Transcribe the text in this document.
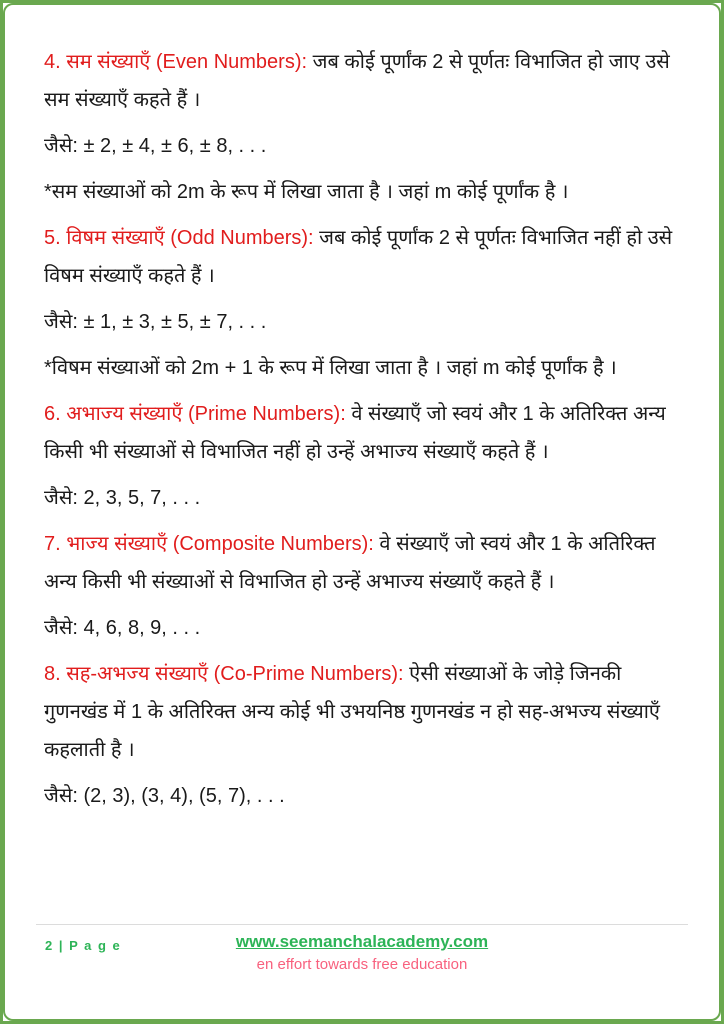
4. सम संख्याएँ (Even Numbers): जब कोई पूर्णांक 2 से पूर्णतः विभाजित हो जाए उसे सम संख्याएँ कहते हैं ।

जैसे: ± 2, ± 4, ± 6, ± 8, . . .

*सम संख्याओं को 2m के रूप में लिखा जाता है । जहां m कोई पूर्णांक है ।

5. विषम संख्याएँ (Odd Numbers): जब कोई पूर्णांक 2 से पूर्णतः विभाजित नहीं हो उसे विषम संख्याएँ कहते हैं ।

जैसे: ± 1, ± 3, ± 5, ± 7, . . .

*विषम संख्याओं को 2m + 1 के रूप में लिखा जाता है । जहां m कोई पूर्णांक है ।

6. अभाज्य संख्याएँ (Prime Numbers): वे संख्याएँ जो स्वयं और 1 के अतिरिक्त अन्य किसी भी संख्याओं से विभाजित नहीं हो उन्हें अभाज्य संख्याएँ कहते हैं ।

जैसे: 2, 3, 5, 7, . . .

7. भाज्य संख्याएँ (Composite Numbers): वे संख्याएँ जो स्वयं और 1 के अतिरिक्त अन्य किसी भी संख्याओं से विभाजित हो उन्हें अभाज्य संख्याएँ कहते हैं ।

जैसे: 4, 6, 8, 9, . . .

8. सह-अभज्य संख्याएँ (Co-Prime Numbers): ऐसी संख्याओं के जोड़े जिनकी गुणनखंड में 1 के अतिरिक्त अन्य कोई भी उभयनिष्ठ गुणनखंड न हो सह-अभज्य संख्याएँ कहलाती है ।

जैसे: (2, 3), (3, 4), (5, 7), . . .

2 | P a g e	www.seemanchalacademy.com
en effort towards free education
